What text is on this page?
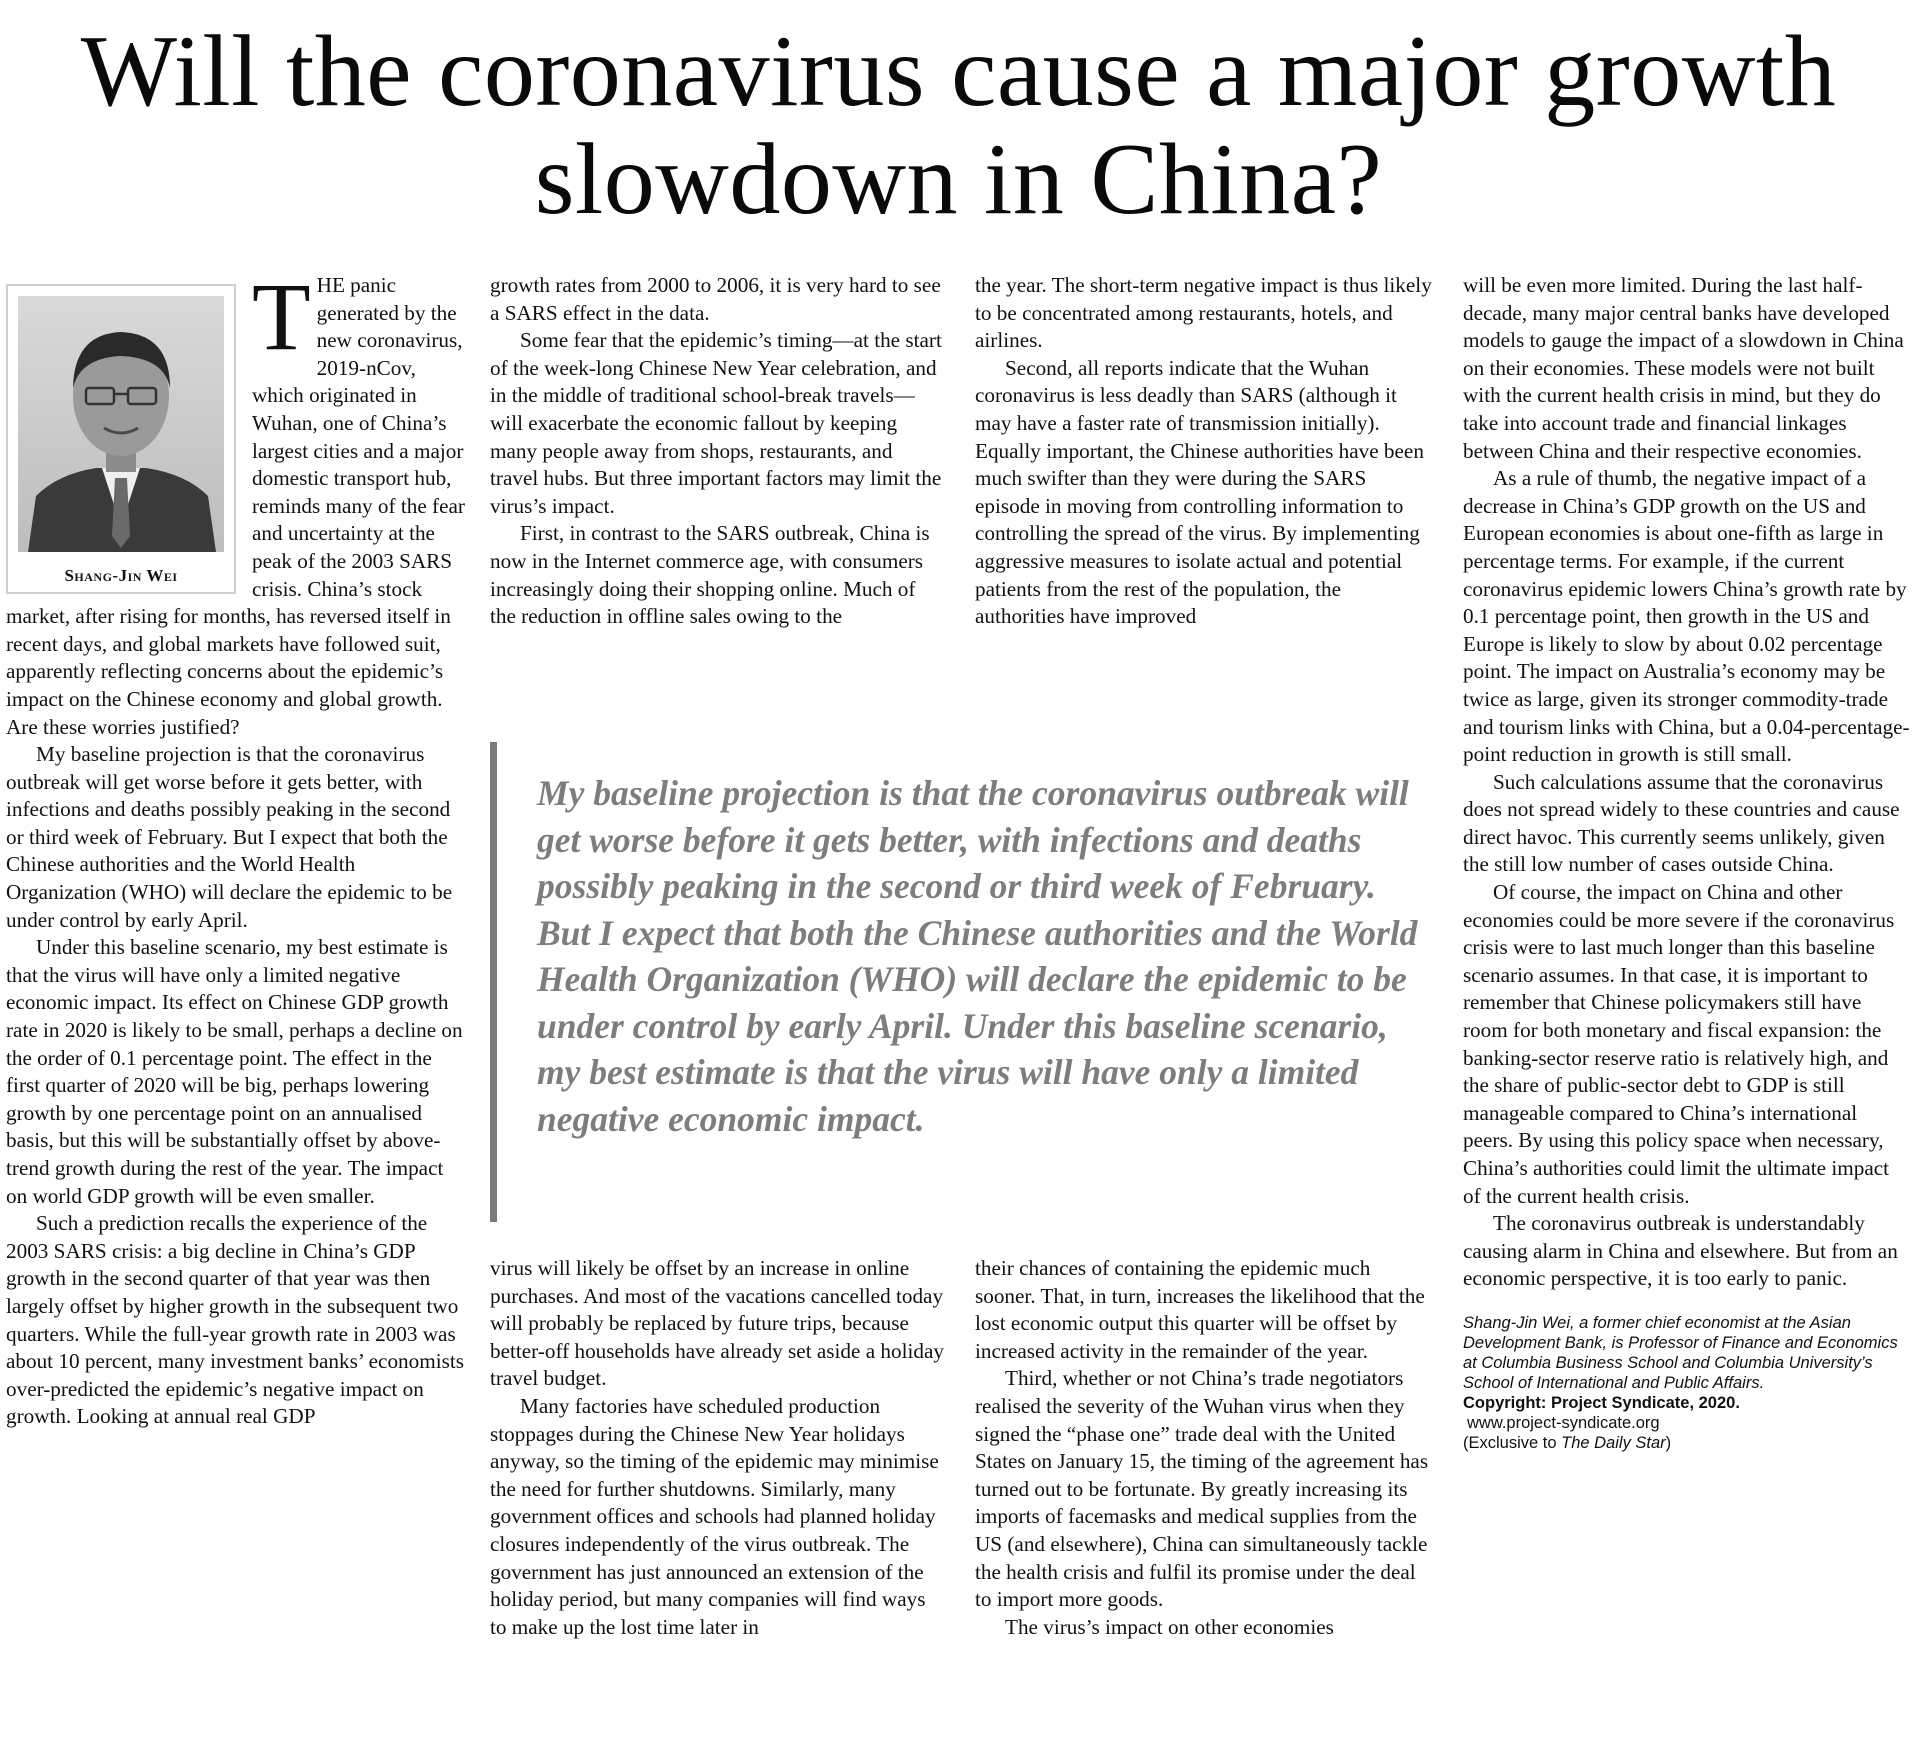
Will the coronavirus cause a major growth slowdown in China?
Shang-Jin Wei

THE panic generated by the new coronavirus, 2019-nCov, which originated in Wuhan, one of China’s largest cities and a major domestic transport hub, reminds many of the fear and uncertainty at the peak of the 2003 SARS crisis. China’s stock market, after rising for months, has reversed itself in recent days, and global markets have followed suit, apparently reflecting concerns about the epidemic’s impact on the Chinese economy and global growth. Are these worries justified?

My baseline projection is that the coronavirus outbreak will get worse before it gets better, with infections and deaths possibly peaking in the second or third week of February. But I expect that both the Chinese authorities and the World Health Organization (WHO) will declare the epidemic to be under control by early April.

Under this baseline scenario, my best estimate is that the virus will have only a limited negative economic impact. Its effect on Chinese GDP growth rate in 2020 is likely to be small, perhaps a decline on the order of 0.1 percentage point. The effect in the first quarter of 2020 will be big, perhaps lowering growth by one percentage point on an annualised basis, but this will be substantially offset by above-trend growth during the rest of the year. The impact on world GDP growth will be even smaller.

Such a prediction recalls the experience of the 2003 SARS crisis: a big decline in China’s GDP growth in the second quarter of that year was then largely offset by higher growth in the subsequent two quarters. While the full-year growth rate in 2003 was about 10 percent, many investment banks’ economists over-predicted the epidemic’s negative impact on growth. Looking at annual real GDP

growth rates from 2000 to 2006, it is very hard to see a SARS effect in the data.

Some fear that the epidemic’s timing—at the start of the week-long Chinese New Year celebration, and in the middle of traditional school-break travels—will exacerbate the economic fallout by keeping many people away from shops, restaurants, and travel hubs. But three important factors may limit the virus’s impact.

First, in contrast to the SARS outbreak, China is now in the Internet commerce age, with consumers increasingly doing their shopping online. Much of the reduction in offline sales owing to the

the year. The short-term negative impact is thus likely to be concentrated among restaurants, hotels, and airlines.

Second, all reports indicate that the Wuhan coronavirus is less deadly than SARS (although it may have a faster rate of transmission initially). Equally important, the Chinese authorities have been much swifter than they were during the SARS episode in moving from controlling information to controlling the spread of the virus. By implementing aggressive measures to isolate actual and potential patients from the rest of the population, the authorities have improved

My baseline projection is that the coronavirus outbreak will get worse before it gets better, with infections and deaths possibly peaking in the second or third week of February. But I expect that both the Chinese authorities and the World Health Organization (WHO) will declare the epidemic to be under control by early April. Under this baseline scenario, my best estimate is that the virus will have only a limited negative economic impact.

virus will likely be offset by an increase in online purchases. And most of the vacations cancelled today will probably be replaced by future trips, because better-off households have already set aside a holiday travel budget.

Many factories have scheduled production stoppages during the Chinese New Year holidays anyway, so the timing of the epidemic may minimise the need for further shutdowns. Similarly, many government offices and schools had planned holiday closures independently of the virus outbreak. The government has just announced an extension of the holiday period, but many companies will find ways to make up the lost time later in

their chances of containing the epidemic much sooner. That, in turn, increases the likelihood that the lost economic output this quarter will be offset by increased activity in the remainder of the year.

Third, whether or not China’s trade negotiators realised the severity of the Wuhan virus when they signed the “phase one” trade deal with the United States on January 15, the timing of the agreement has turned out to be fortunate. By greatly increasing its imports of facemasks and medical supplies from the US (and elsewhere), China can simultaneously tackle the health crisis and fulfil its promise under the deal to import more goods.

The virus’s impact on other economies

will be even more limited. During the last half-decade, many major central banks have developed models to gauge the impact of a slowdown in China on their economies. These models were not built with the current health crisis in mind, but they do take into account trade and financial linkages between China and their respective economies.

As a rule of thumb, the negative impact of a decrease in China’s GDP growth on the US and European economies is about one-fifth as large in percentage terms. For example, if the current coronavirus epidemic lowers China’s growth rate by 0.1 percentage point, then growth in the US and Europe is likely to slow by about 0.02 percentage point. The impact on Australia’s economy may be twice as large, given its stronger commodity-trade and tourism links with China, but a 0.04-percentage-point reduction in growth is still small.

Such calculations assume that the coronavirus does not spread widely to these countries and cause direct havoc. This currently seems unlikely, given the still low number of cases outside China.

Of course, the impact on China and other economies could be more severe if the coronavirus crisis were to last much longer than this baseline scenario assumes. In that case, it is important to remember that Chinese policymakers still have room for both monetary and fiscal expansion: the banking-sector reserve ratio is relatively high, and the share of public-sector debt to GDP is still manageable compared to China’s international peers. By using this policy space when necessary, China’s authorities could limit the ultimate impact of the current health crisis.

The coronavirus outbreak is understandably causing alarm in China and elsewhere. But from an economic perspective, it is too early to panic.

Shang-Jin Wei, a former chief economist at the Asian Development Bank, is Professor of Finance and Economics at Columbia Business School and Columbia University’s School of International and Public Affairs.
Copyright: Project Syndicate, 2020.
www.project-syndicate.org
(Exclusive to The Daily Star)
